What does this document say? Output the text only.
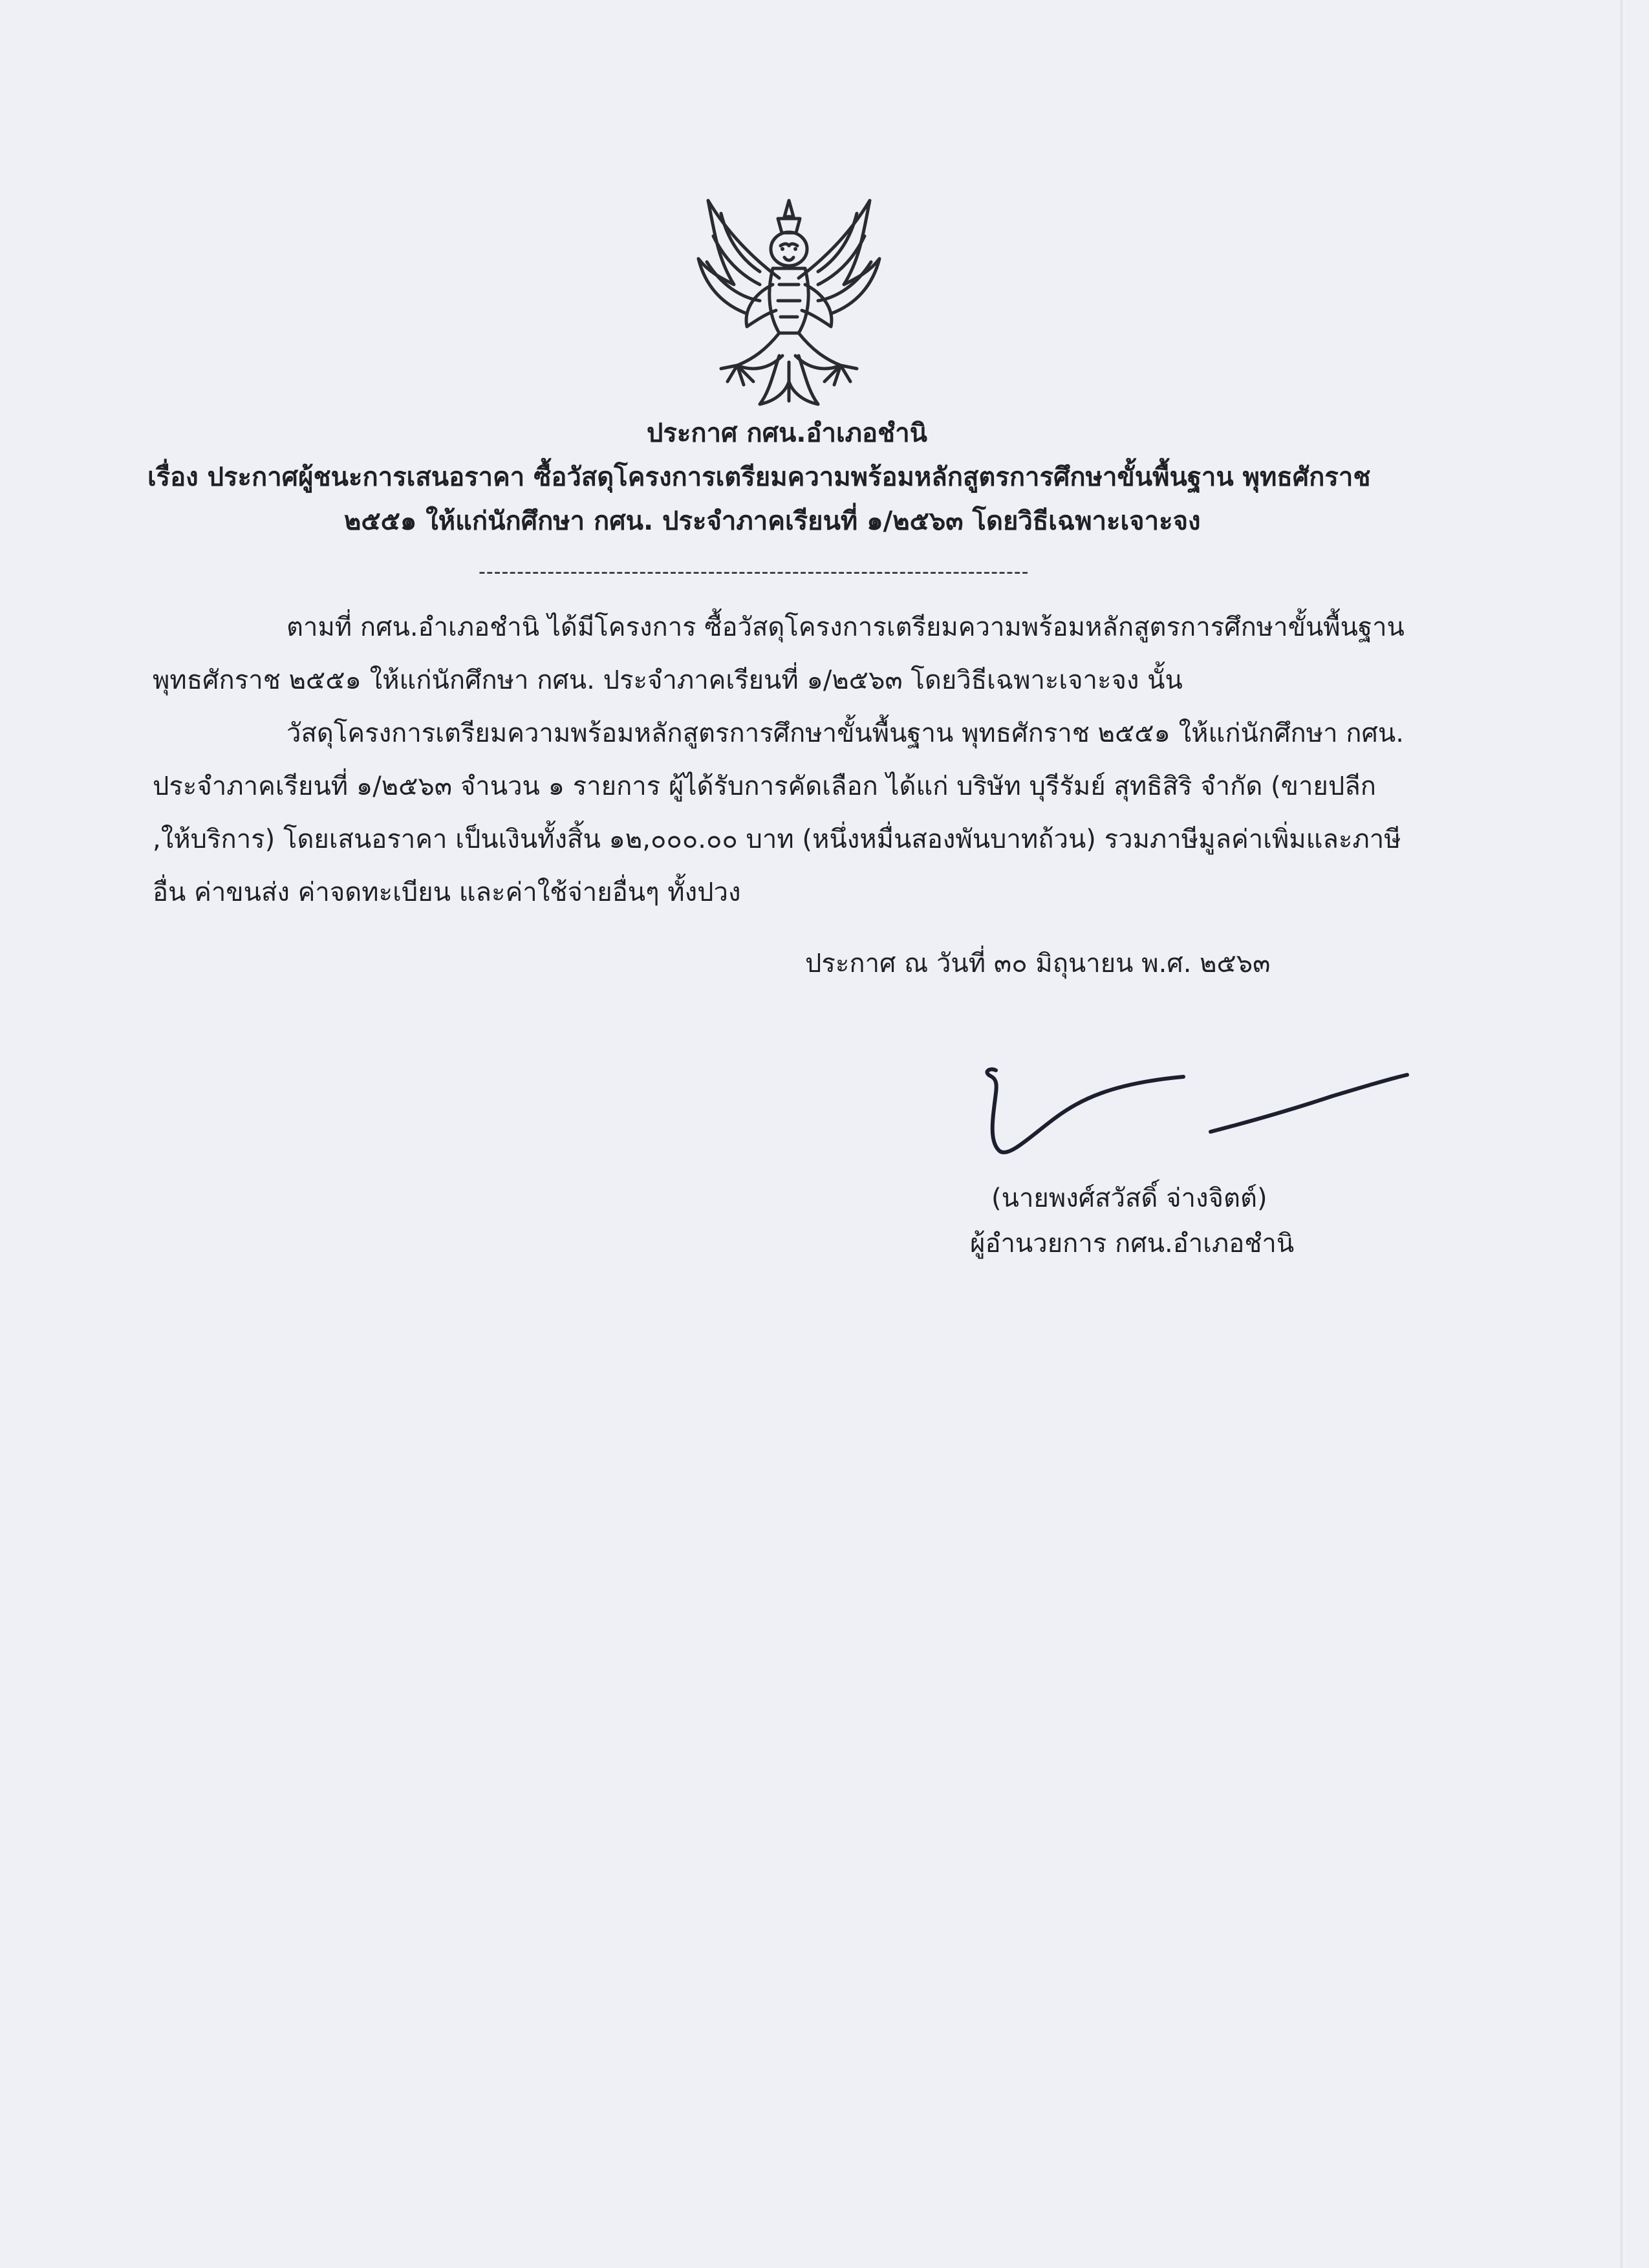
ประกาศ กศน.อำเภอชำนิ
เรื่อง ประกาศผู้ชนะการเสนอราคา ซื้อวัสดุโครงการเตรียมความพร้อมหลักสูตรการศึกษาขั้นพื้นฐาน พุทธศักราช
๒๕๕๑ ให้แก่นักศึกษา กศน. ประจำภาคเรียนที่ ๑/๒๕๖๓ โดยวิธีเฉพาะเจาะจง
------------------------------------------------------------------------
ตามที่ กศน.อำเภอชำนิ ได้มีโครงการ ซื้อวัสดุโครงการเตรียมความพร้อมหลักสูตรการศึกษาขั้นพื้นฐาน
พุทธศักราช ๒๕๕๑ ให้แก่นักศึกษา กศน. ประจำภาคเรียนที่ ๑/๒๕๖๓ โดยวิธีเฉพาะเจาะจง นั้น
วัสดุโครงการเตรียมความพร้อมหลักสูตรการศึกษาขั้นพื้นฐาน พุทธศักราช ๒๕๕๑ ให้แก่นักศึกษา กศน.
ประจำภาคเรียนที่ ๑/๒๕๖๓ จำนวน ๑ รายการ ผู้ได้รับการคัดเลือก ได้แก่ บริษัท บุรีรัมย์ สุทธิสิริ จำกัด (ขายปลีก
,ให้บริการ) โดยเสนอราคา เป็นเงินทั้งสิ้น ๑๒,๐๐๐.๐๐ บาท (หนึ่งหมื่นสองพันบาทถ้วน) รวมภาษีมูลค่าเพิ่มและภาษี
อื่น ค่าขนส่ง ค่าจดทะเบียน และค่าใช้จ่ายอื่นๆ ทั้งปวง
ประกาศ ณ วันที่ ๓๐ มิถุนายน พ.ศ. ๒๕๖๓
(นายพงศ์สวัสดิ์ จ่างจิตต์)
ผู้อำนวยการ กศน.อำเภอชำนิ
